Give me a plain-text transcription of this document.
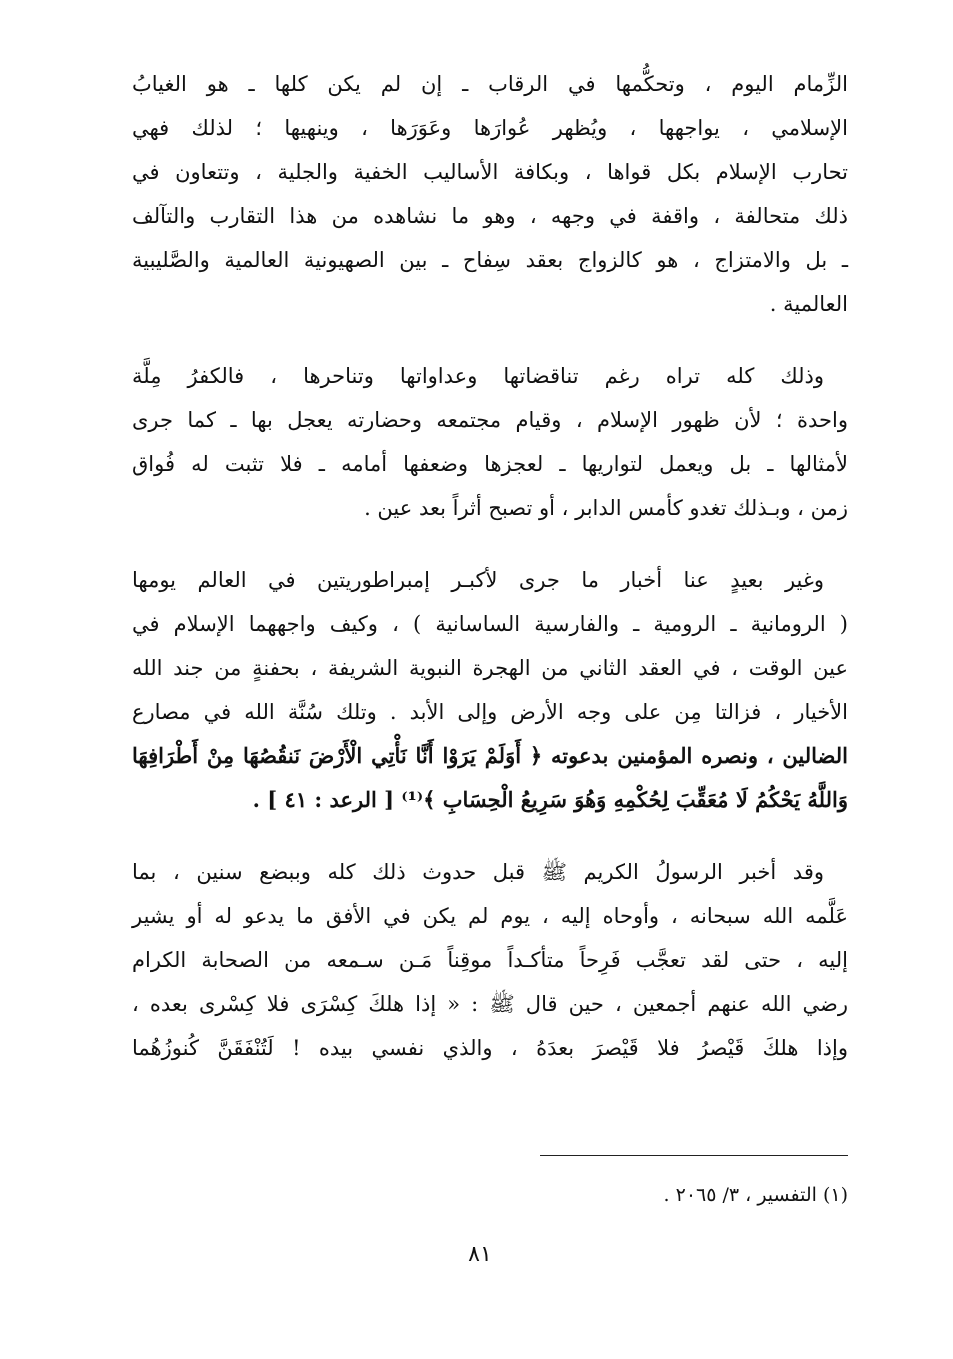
الزِّمام اليوم ، وتحكُّمها في الرقاب ـ إن لم يكن كلها ـ هو الغيابُ
الإسلامي ، يواجهها ، ويُظهر عُوارَها وعَوَرَها ، وينهيها ؛ لذلك فهي
تحارب الإسلام بكل قواها ، وبكافة الأساليب الخفية والجلية ، وتتعاون في
ذلك متحالفة ، واقفة في وجهه ، وهو ما نشاهده من هذا التقارب والتآلف
ـ بل والامتزاج ، هو كالزواج بعقد سِفاح ـ بين الصهيونية العالمية والصَّليبية
العالمية .
وذلك كله تراه رغم تناقضاتها وعداواتها وتناحرها ، فالكفرُ مِلَّة
واحدة ؛ لأن ظهور الإسلام ، وقيام مجتمعه وحضارته يعجل بها ـ كما جرى
لأمثالها ـ بل ويعمل لتواريها ـ لعجزها وضعفها أمامه ـ فلا تثبت له فُواق
زمن ، وبـذلك تغدو كأمس الدابر ، أو تصبح أثراً بعد عين .
وغير بعيدٍ عنا أخبار ما جرى لأكبـر إمبراطوريتين في العالم يومها
( الرومانية ـ الرومية ـ والفارسية الساسانية ) ، وكيف واجههما الإسلام في
عين الوقت ، في العقد الثاني من الهجرة النبوية الشريفة ، بحفنةٍ من جند الله
الأخيار ، فزالتا مِن على وجه الأرض وإلى الأبد . وتلك سُنَّة الله في مصارع
الضالين ، ونصره المؤمنين بدعوته ﴿ أَوَلَمْ يَرَوْا أَنَّا نَأْتِي الْأَرْضَ نَنقُصُهَا مِنْ أَطْرَافِهَا
وَاللَّهُ يَحْكُمُ لَا مُعَقِّبَ لِحُكْمِهِ وَهُوَ سَرِيعُ الْحِسَابِ ﴾⁽¹⁾ [ الرعد : ٤١ ] .
وقد أخبر الرسولُ الكريم ﷺ قبل حدوث ذلك كله وببضع سنين ، بما
عَلَّمه الله سبحانه ، وأوحاه إليه ، يوم لم يكن في الأفق ما يدعو له أو يشير
إليه ، حتى لقد تعجَّب فَرِحاً متأكـداً موقِناً مَـن سـمعه من الصحابة الكرام
رضي الله عنهم أجمعين ، حين قال ﷺ : « إذا هلكَ كِسْرَى فلا كِسْرى بعده ،
وإذا هلكَ قَيْصرُ فلا قَيْصرَ بعدَهُ ، والذي نفسي بيده ! لَتُنْفَقَنَّ كُنوزُهُما
(١) التفسير ، ٣/ ٢٠٦٥ .
٨١
